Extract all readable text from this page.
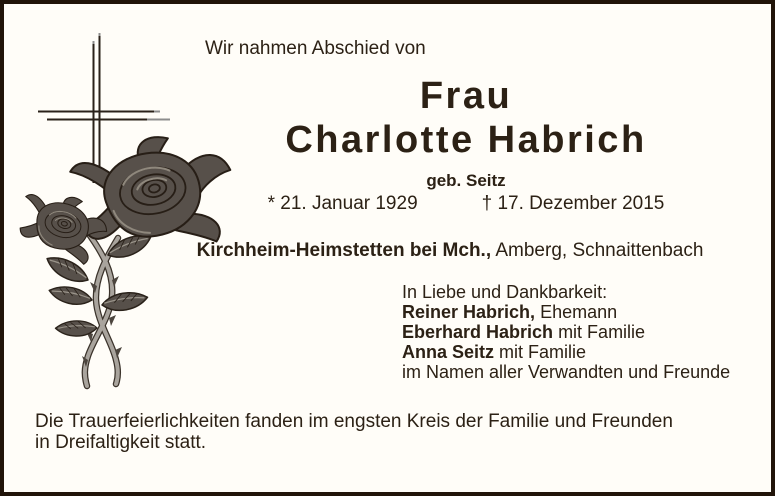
Wir nahmen Abschied von
Frau
Charlotte Habrich
geb. Seitz
* 21. Januar 1929	† 17. Dezember 2015
Kirchheim-Heimstetten bei Mch., Amberg, Schnaittenbach
In Liebe und Dankbarkeit:
Reiner Habrich, Ehemann
Eberhard Habrich mit Familie
Anna Seitz mit Familie
im Namen aller Verwandten und Freunde
Die Trauerfeierlichkeiten fanden im engsten Kreis der Familie und Freunden
in Dreifaltigkeit statt.
